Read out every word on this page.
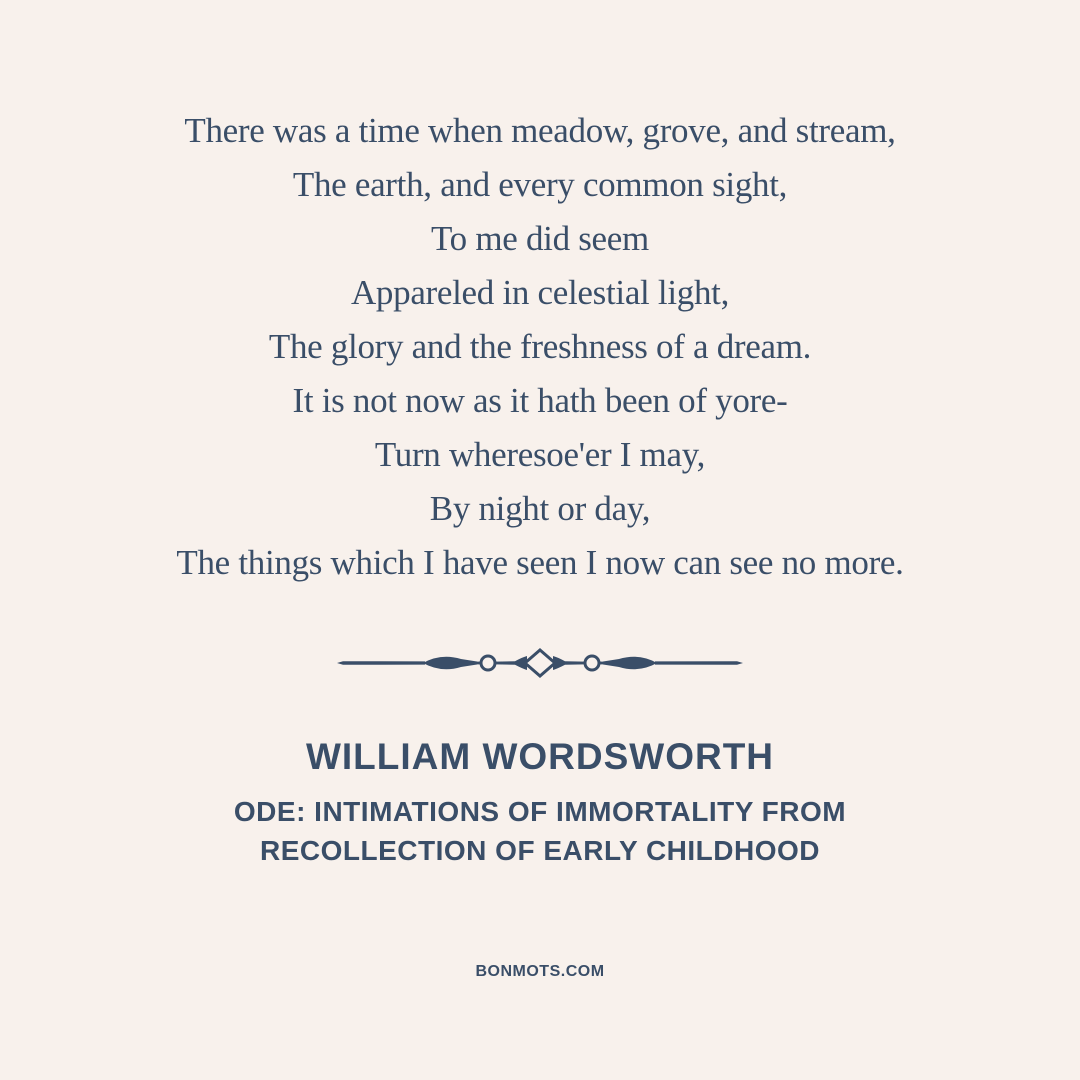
There was a time when meadow, grove, and stream,
The earth, and every common sight,
To me did seem
Appareled in celestial light,
The glory and the freshness of a dream.
It is not now as it hath been of yore-
Turn wheresoe'er I may,
By night or day,
The things which I have seen I now can see no more.
WILLIAM WORDSWORTH
ODE: INTIMATIONS OF IMMORTALITY FROM
RECOLLECTION OF EARLY CHILDHOOD
BONMOTS.COM
